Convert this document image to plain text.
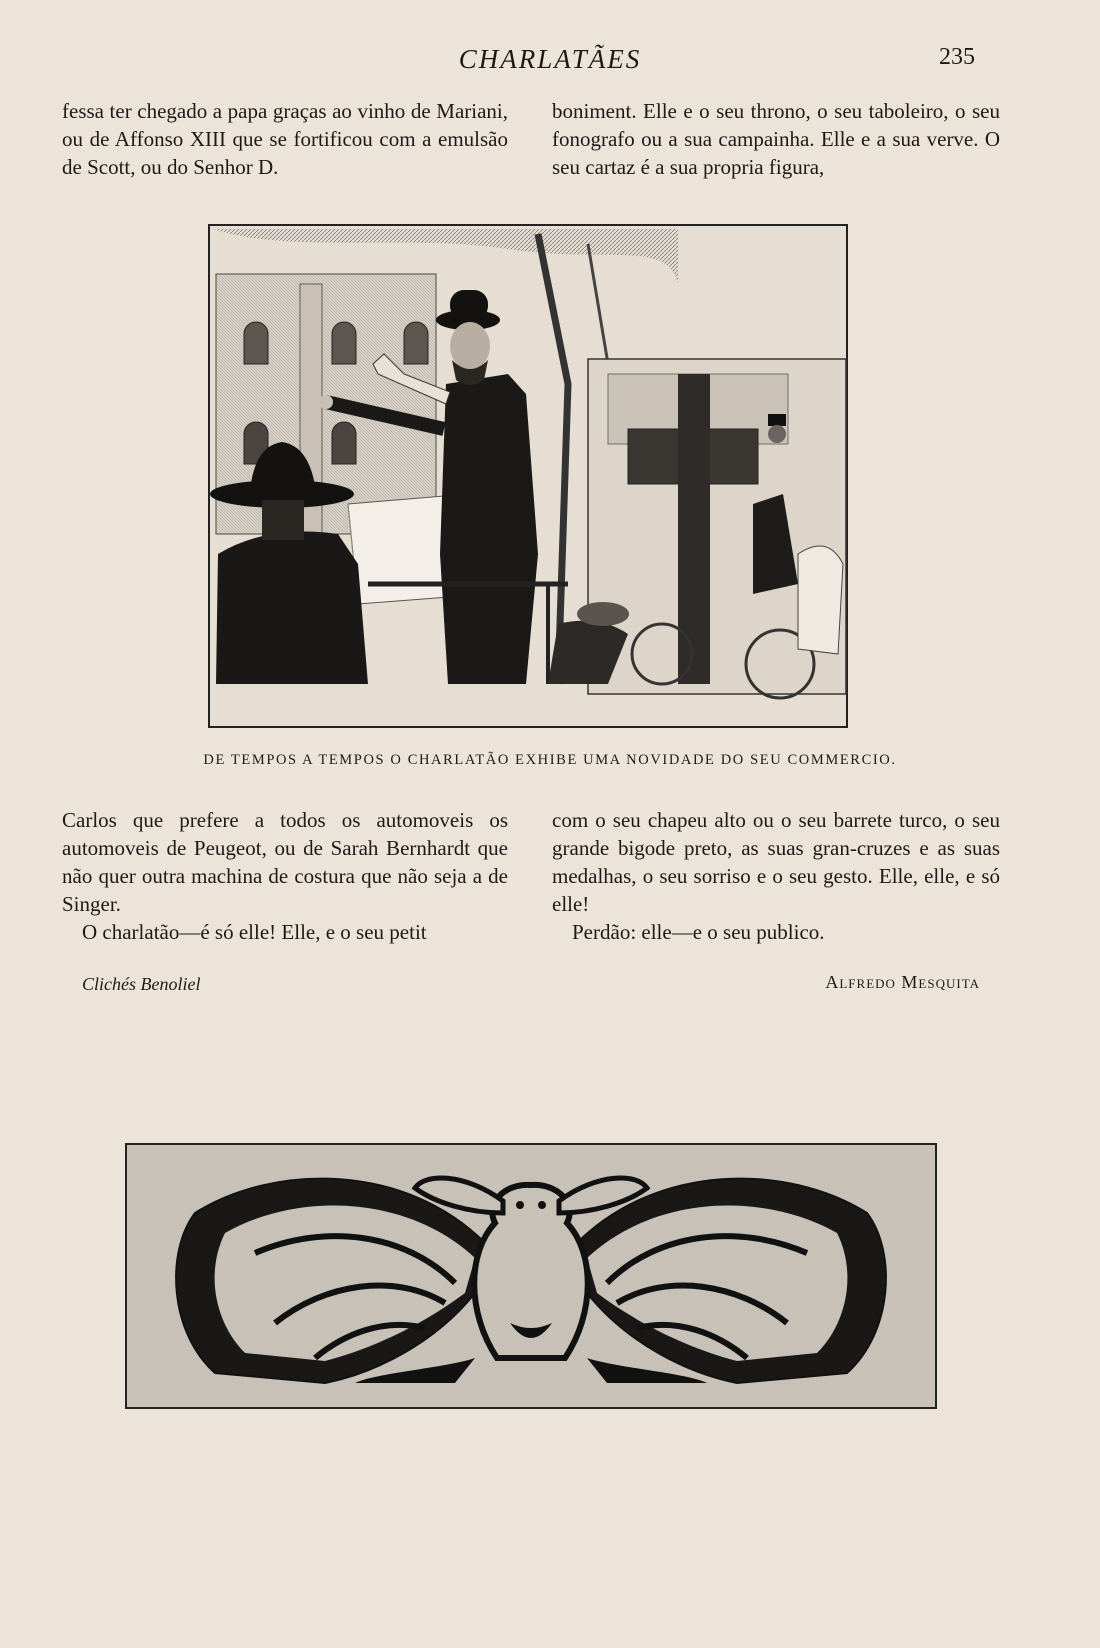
CHARLATÃES	235

fessa ter chegado a papa graças ao vinho de Mariani, ou de Affonso XIII que se fortificou com a emulsão de Scott, ou do Senhor D.

boniment. Elle e o seu throno, o seu taboleiro, o seu fonografo ou a sua campainha. Elle e a sua verve. O seu cartaz é a sua propria figura,

DE TEMPOS A TEMPOS O CHARLATÃO EXHIBE UMA NOVIDADE DO SEU COMMERCIO.

Carlos que prefere a todos os automoveis os automoveis de Peugeot, ou de Sarah Bernhardt que não quer outra machina de costura que não seja a de Singer.

O charlatão—é só elle! Elle, e o seu petit

com o seu chapeu alto ou o seu barrete turco, o seu grande bigode preto, as suas gran-cruzes e as suas medalhas, o seu sorriso e o seu gesto. Elle, elle, e só elle!

Perdão: elle—e o seu publico.

Clichés Benoliel	Alfredo Mesquita
